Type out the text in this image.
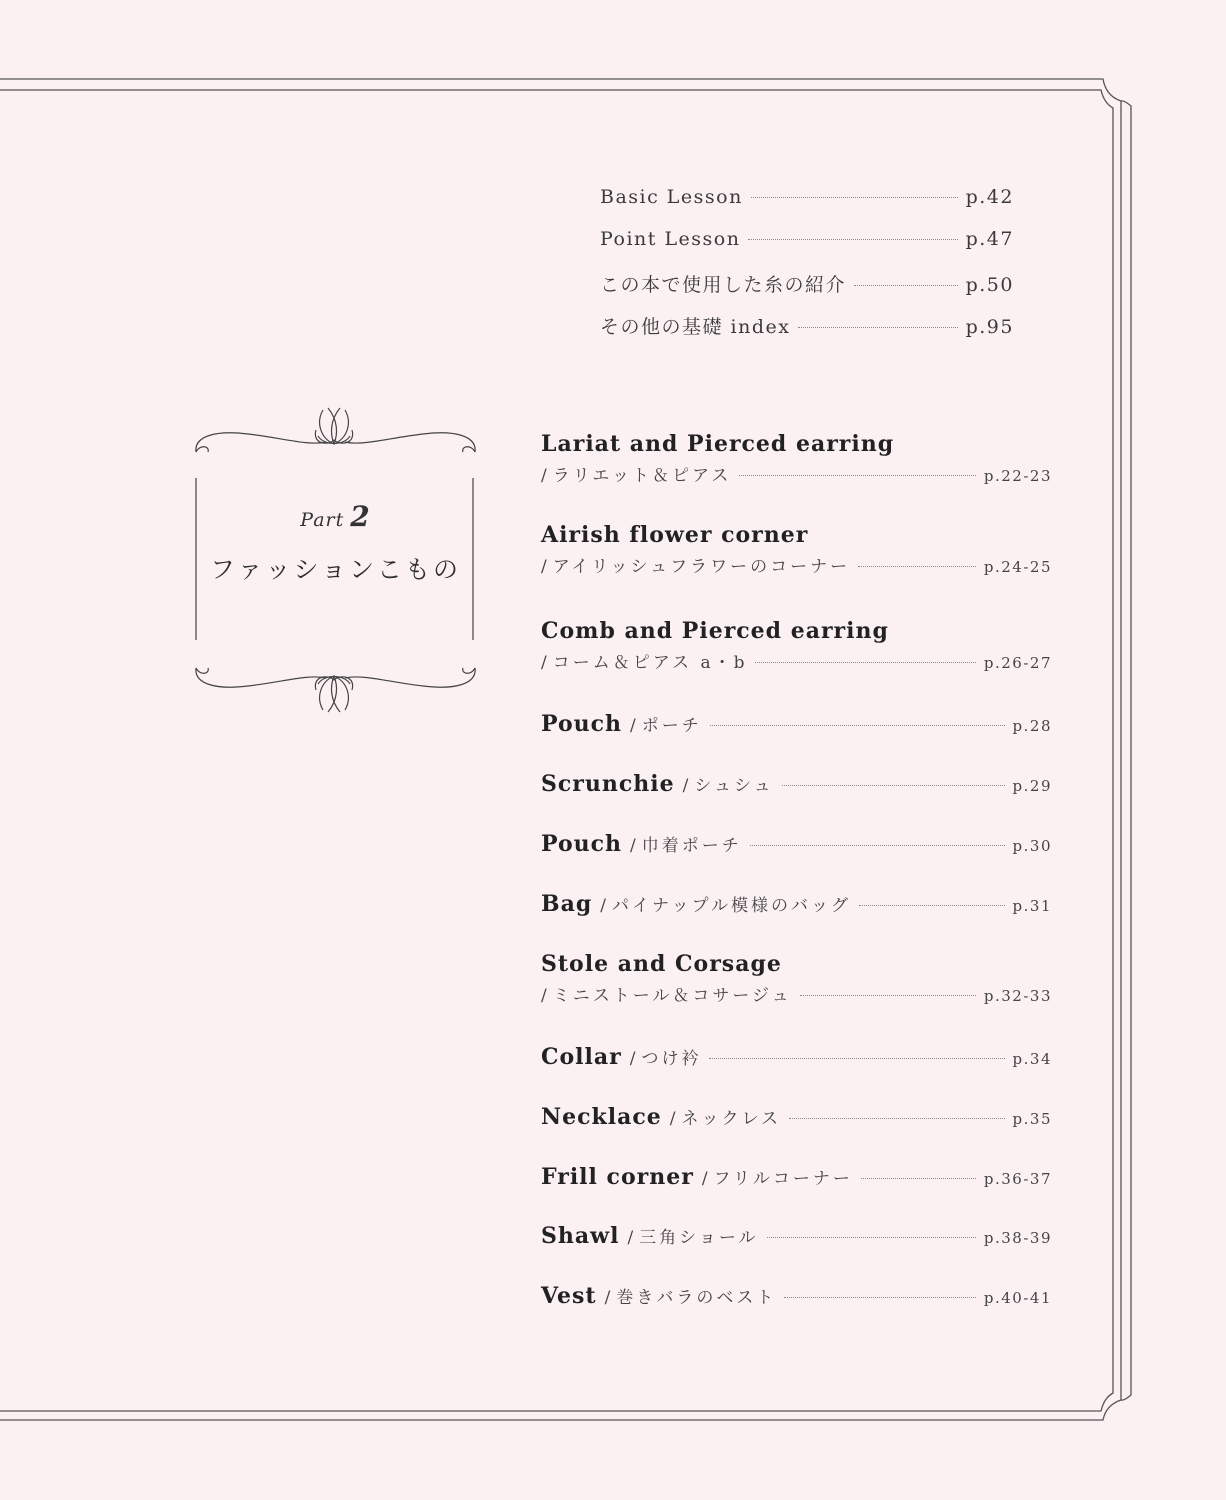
Basic Lesson	p.42
Point Lesson	p.47
この本で使用した糸の紹介	p.50
その他の基礎 index	p.95
Part 2
ファッションこもの
Lariat and Pierced earring
/ ラリエット＆ピアス	p.22-23
Airish flower corner
/ アイリッシュフラワーのコーナー	p.24-25
Comb and Pierced earring
/ コーム＆ピアス a・b	p.26-27
Pouch / ポーチ	p.28
Scrunchie / シュシュ	p.29
Pouch / 巾着ポーチ	p.30
Bag / パイナップル模様のバッグ	p.31
Stole and Corsage
/ ミニストール＆コサージュ	p.32-33
Collar / つけ衿	p.34
Necklace / ネックレス	p.35
Frill corner / フリルコーナー	p.36-37
Shawl / 三角ショール	p.38-39
Vest / 巻きバラのベスト	p.40-41
